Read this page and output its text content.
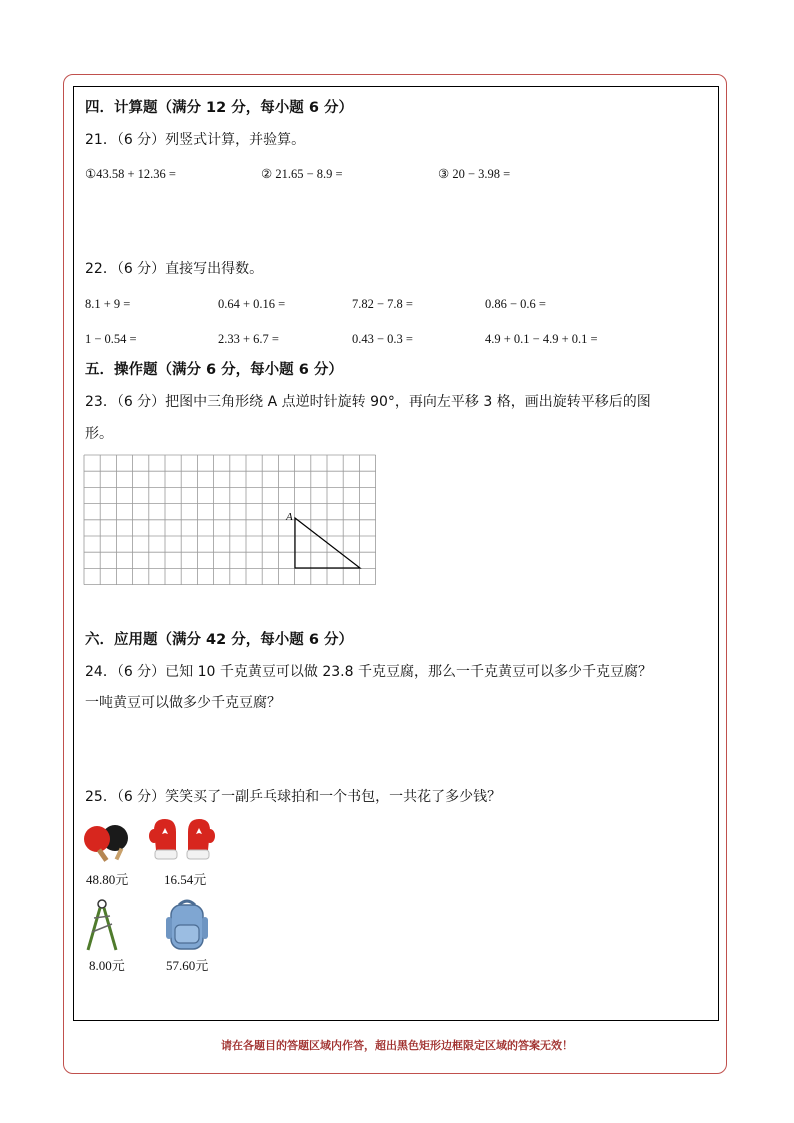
四．计算题（满分 12 分，每小题 6 分）
21．（6 分）列竖式计算，并验算。
①43.58 + 12.36 =	② 21.65 − 8.9 =	③ 20 − 3.98 =
22．（6 分）直接写出得数。
8.1 + 9 =	0.64 + 0.16 =	7.82 − 7.8 =	0.86 − 0.6 =
1 − 0.54 =	2.33 + 6.7 =	0.43 − 0.3 =	4.9 + 0.1 − 4.9 + 0.1 =
五．操作题（满分 6 分，每小题 6 分）
23．（6 分）把图中三角形绕 A 点逆时针旋转 90°，再向左平移 3 格，画出旋转平移后的图
形。
A
六．应用题（满分 42 分，每小题 6 分）
24．（6 分）已知 10 千克黄豆可以做 23.8 千克豆腐，那么一千克黄豆可以多少千克豆腐？
一吨黄豆可以做多少千克豆腐？
25．（6 分）笑笑买了一副乒乓球拍和一个书包，一共花了多少钱？
48.80元	16.54元
8.00元	57.60元
请在各题目的答题区域内作答，超出黑色矩形边框限定区域的答案无效！
